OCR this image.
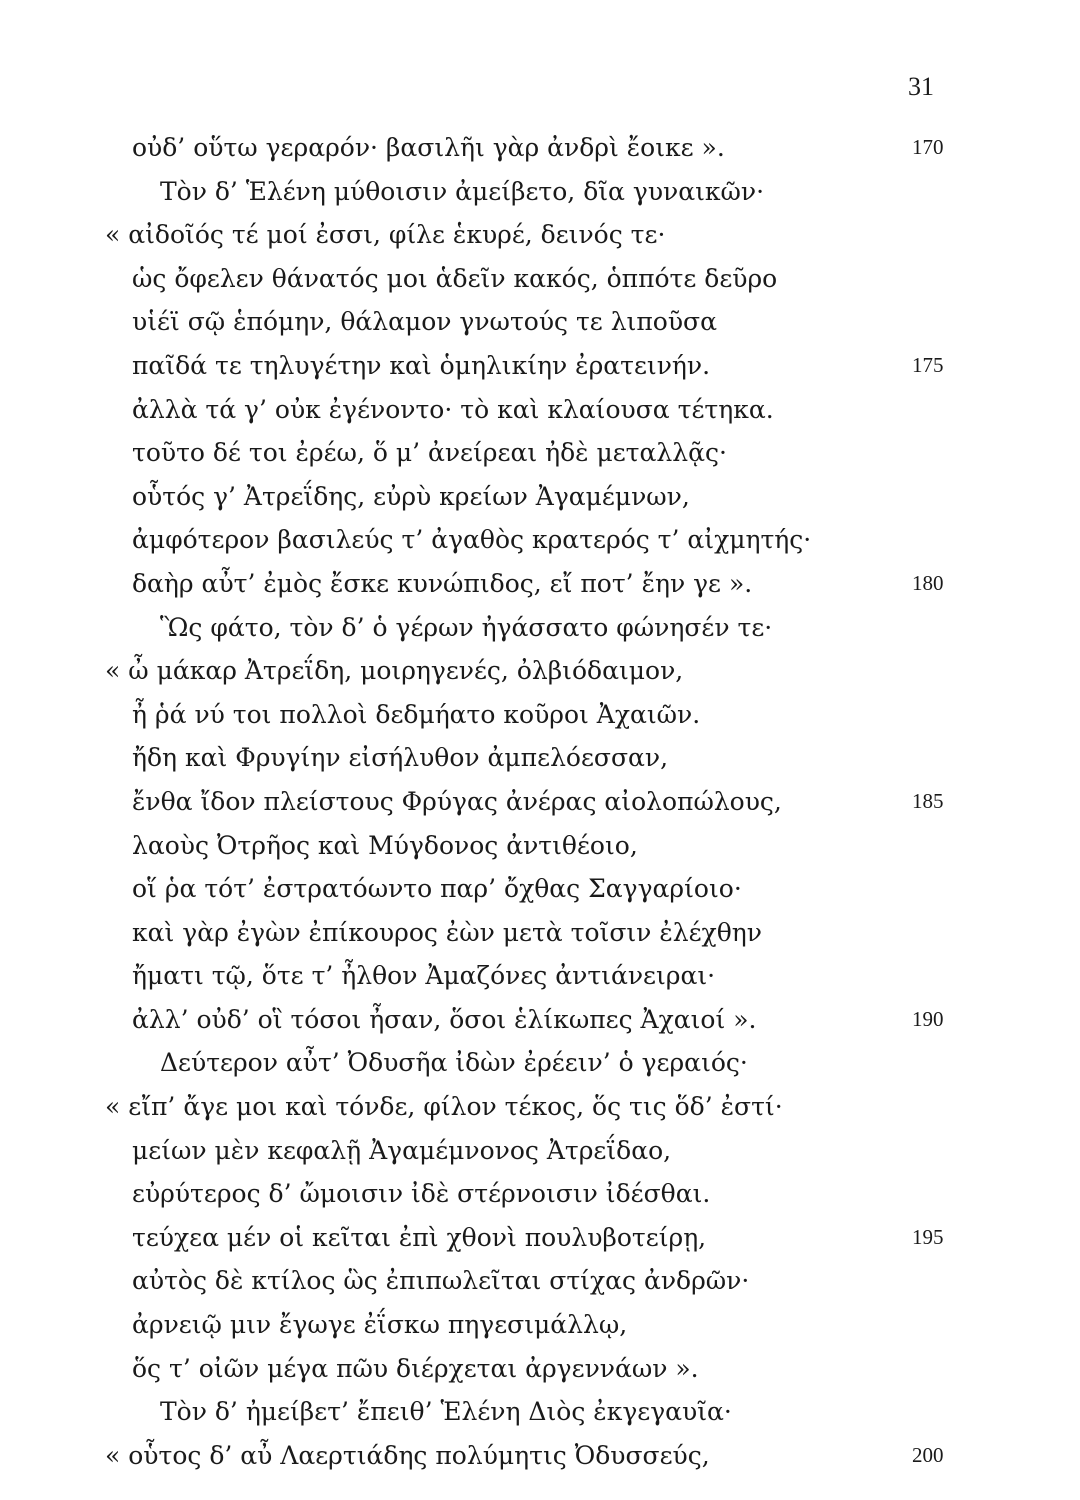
31
οὐδ’ οὕτω γεραρόν· βασιλῆι γὰρ ἀνδρὶ ἔοικε ».	170
Τὸν δ’ Ἑλένη μύθοισιν ἀμείβετο, δῖα γυναικῶν·
« αἰδοῖός τέ μοί ἐσσι, φίλε ἑκυρέ, δεινός τε·
ὡς ὄφελεν θάνατός μοι ἁδεῖν κακός, ὁππότε δεῦρο
υἱέϊ σῷ ἑπόμην, θάλαμον γνωτούς τε λιποῦσα
παῖδά τε τηλυγέτην καὶ ὁμηλικίην ἐρατεινήν.	175
ἀλλὰ τά γ’ οὐκ ἐγένοντο· τὸ καὶ κλαίουσα τέτηκα.
τοῦτο δέ τοι ἐρέω, ὅ μ’ ἀνείρεαι ἠδὲ μεταλλᾷς·
οὗτός γ’ Ἀτρεΐδης, εὐρὺ κρείων Ἀγαμέμνων,
ἀμφότερον βασιλεύς τ’ ἀγαθὸς κρατερός τ’ αἰχμητής·
δαὴρ αὖτ’ ἐμὸς ἔσκε κυνώπιδος, εἴ ποτ’ ἔην γε ».	180
Ὣς φάτο, τὸν δ’ ὁ γέρων ἠγάσσατο φώνησέν τε·
« ὦ μάκαρ Ἀτρεΐδη, μοιρηγενές, ὀλβιόδαιμον,
ἦ ῥά νύ τοι πολλοὶ δεδμήατο κοῦροι Ἀχαιῶν.
ἤδη καὶ Φρυγίην εἰσήλυθον ἀμπελόεσσαν,
ἔνθα ἴδον πλείστους Φρύγας ἀνέρας αἰολοπώλους,	185
λαοὺς Ὀτρῆος καὶ Μύγδονος ἀντιθέοιο,
οἵ ῥα τότ’ ἐστρατόωντο παρ’ ὄχθας Σαγγαρίοιο·
καὶ γὰρ ἐγὼν ἐπίκουρος ἐὼν μετὰ τοῖσιν ἐλέχθην
ἤματι τῷ, ὅτε τ’ ἦλθον Ἀμαζόνες ἀντιάνειραι·
ἀλλ’ οὐδ’ οἳ τόσοι ἦσαν, ὅσοι ἑλίκωπες Ἀχαιοί ».	190
Δεύτερον αὖτ’ Ὀδυσῆα ἰδὼν ἐρέειν’ ὁ γεραιός·
« εἴπ’ ἄγε μοι καὶ τόνδε, φίλον τέκος, ὅς τις ὅδ’ ἐστί·
μείων μὲν κεφαλῇ Ἀγαμέμνονος Ἀτρεΐδαο,
εὐρύτερος δ’ ὤμοισιν ἰδὲ στέρνοισιν ἰδέσθαι.
τεύχεα μέν οἱ κεῖται ἐπὶ χθονὶ πουλυβοτείρῃ,	195
αὐτὸς δὲ κτίλος ὣς ἐπιπωλεῖται στίχας ἀνδρῶν·
ἀρνειῷ μιν ἔγωγε ἐΐσκω πηγεσιμάλλῳ,
ὅς τ’ οἰῶν μέγα πῶυ διέρχεται ἀργεννάων ».
Τὸν δ’ ἠμείβετ’ ἔπειθ’ Ἑλένη Διὸς ἐκγεγαυῖα·
« οὗτος δ’ αὖ Λαερτιάδης πολύμητις Ὀδυσσεύς,	200
